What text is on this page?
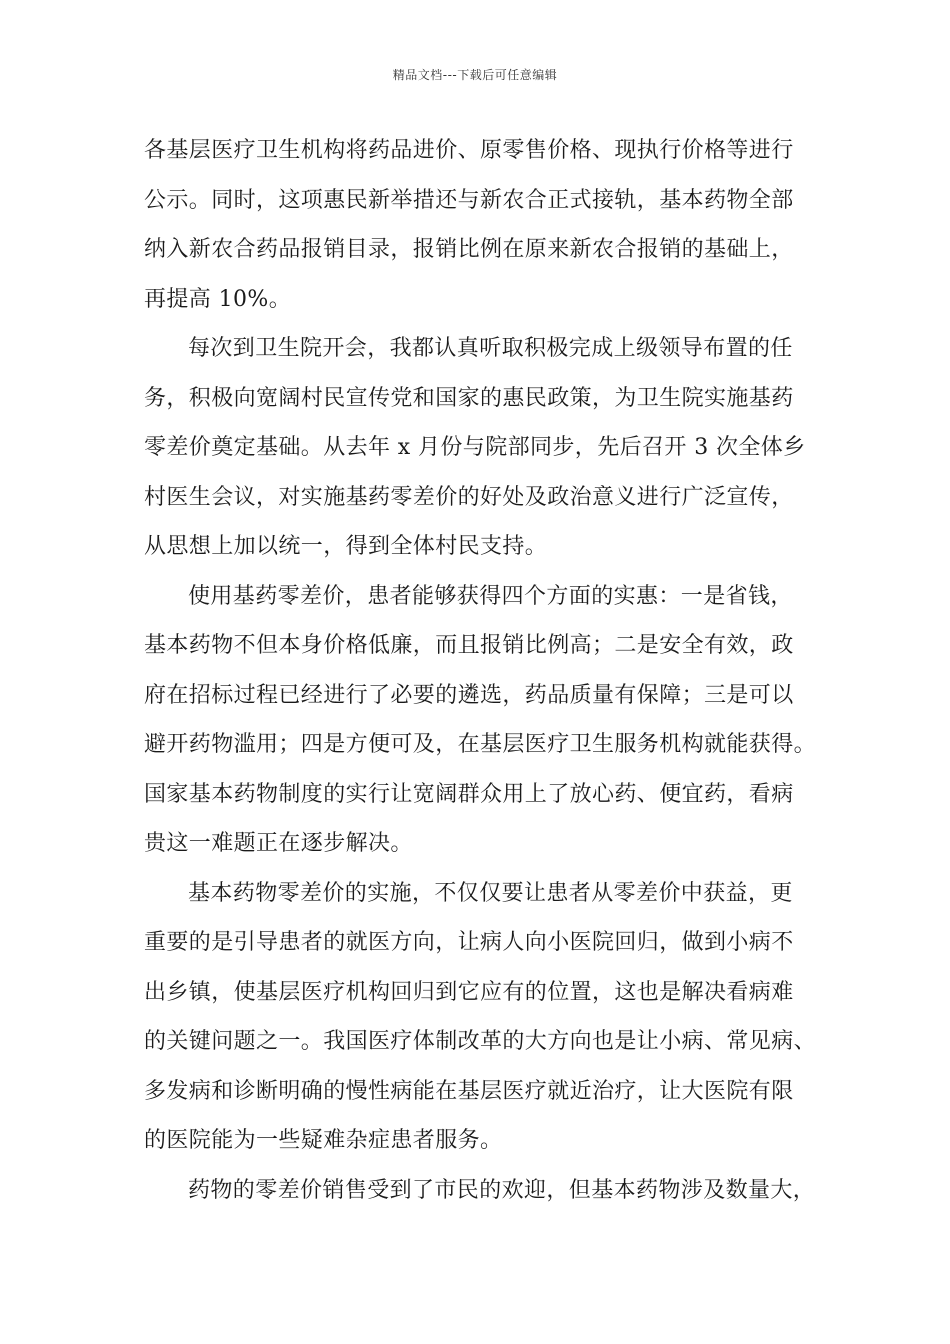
精品文档---下载后可任意编辑
各基层医疗卫生机构将药品进价、原零售价格、现执行价格等进行
公示。同时，这项惠民新举措还与新农合正式接轨，基本药物全部
纳入新农合药品报销目录，报销比例在原来新农合报销的基础上，
再提高 10%。
每次到卫生院开会，我都认真听取积极完成上级领导布置的任
务，积极向宽阔村民宣传党和国家的惠民政策，为卫生院实施基药
零差价奠定基础。从去年 x 月份与院部同步，先后召开 3 次全体乡
村医生会议，对实施基药零差价的好处及政治意义进行广泛宣传，
从思想上加以统一，得到全体村民支持。
使用基药零差价，患者能够获得四个方面的实惠：一是省钱，
基本药物不但本身价格低廉，而且报销比例高；二是安全有效，政
府在招标过程已经进行了必要的遴选，药品质量有保障；三是可以
避开药物滥用；四是方便可及，在基层医疗卫生服务机构就能获得。
国家基本药物制度的实行让宽阔群众用上了放心药、便宜药，看病
贵这一难题正在逐步解决。
基本药物零差价的实施，不仅仅要让患者从零差价中获益，更
重要的是引导患者的就医方向，让病人向小医院回归，做到小病不
出乡镇，使基层医疗机构回归到它应有的位置，这也是解决看病难
的关键问题之一。我国医疗体制改革的大方向也是让小病、常见病、
多发病和诊断明确的慢性病能在基层医疗就近治疗，让大医院有限
的医院能为一些疑难杂症患者服务。
药物的零差价销售受到了市民的欢迎，但基本药物涉及数量大，
